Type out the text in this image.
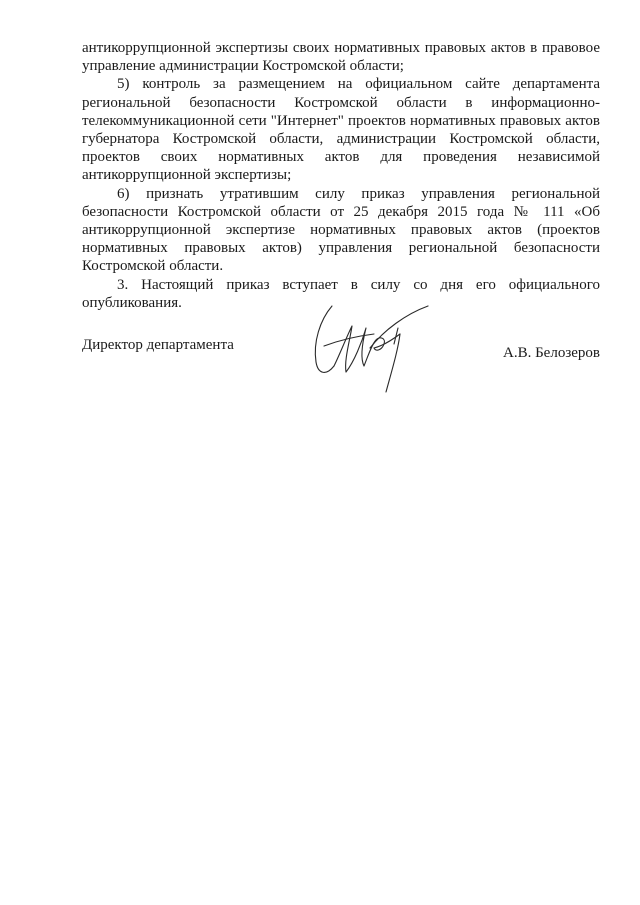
антикоррупционной экспертизы своих нормативных правовых актов в правовое управление администрации Костромской области;

5) контроль за размещением на официальном сайте департамента региональной безопасности Костромской области в информационно-телекоммуникационной сети "Интернет" проектов нормативных правовых актов губернатора Костромской области, администрации Костромской области, проектов своих нормативных актов для проведения независимой антикоррупционной экспертизы;

6) признать утратившим силу приказ управления региональной безопасности Костромской области от 25 декабря 2015 года № 111 «Об антикоррупционной экспертизе нормативных правовых актов (проектов нормативных правовых актов) управления региональной безопасности Костромской области.

3. Настоящий приказ вступает в силу со дня его официального опубликования.

Директор департамента	А.В. Белозеров
